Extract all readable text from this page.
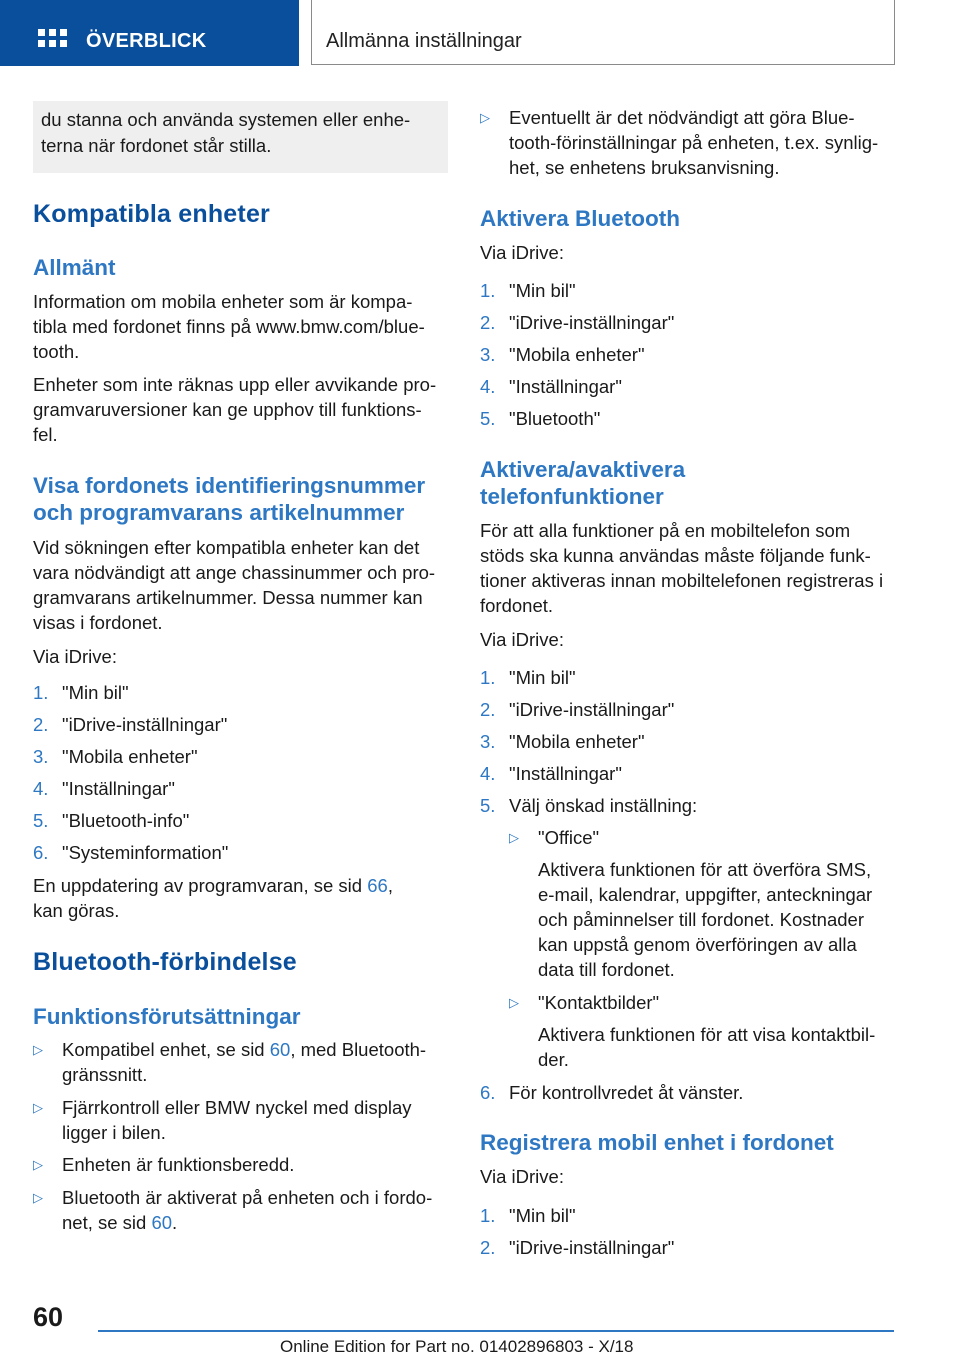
ÖVERBLICK	Allmänna inställningar

du stanna och använda systemen eller enhe- terna när fordonet står stilla.

Kompatibla enheter
Allmänt

Information om mobila enheter som är kompa-

tibla med fordonet finns på www.bmw.com/blue-

tooth.

Enheter som inte räknas upp eller avvikande pro-

gramvaruversioner kan ge upphov till funktions-

fel.

Visa fordonets identifieringsnummer
och programvarans artikelnummer

Vid sökningen efter kompatibla enheter kan det

vara nödvändigt att ange chassinummer och pro-

gramvarans artikelnummer. Dessa nummer kan

visas i fordonet.

Via iDrive:

1. "Min bil"
2. "iDrive-inställningar"
3. "Mobila enheter"
4. "Inställningar"
5. "Bluetooth-info"
6. "Systeminformation"

En uppdatering av programvaran, se sid 66,

kan göras.

Bluetooth-förbindelse
Funktionsförutsättningar
▷ Kompatibel enhet, se sid 60, med Bluetooth-
gränssnitt.
▷ Fjärrkontroll eller BMW nyckel med display
ligger i bilen.
▷ Enheten är funktionsberedd.
▷ Bluetooth är aktiverat på enheten och i fordo-
net, se sid 60.
▷ Eventuellt är det nödvändigt att göra Blue-
tooth-förinställningar på enheten, t.ex. synlig-
het, se enhetens bruksanvisning.
Aktivera Bluetooth

Via iDrive:

1. "Min bil"
2. "iDrive-inställningar"
3. "Mobila enheter"
4. "Inställningar"
5. "Bluetooth"
Aktivera/avaktivera
telefonfunktioner

För att alla funktioner på en mobiltelefon som

stöds ska kunna användas måste följande funk-

tioner aktiveras innan mobiltelefonen registreras i

fordonet.

Via iDrive:

1. "Min bil"
2. "iDrive-inställningar"
3. "Mobila enheter"
4. "Inställningar"
5. Välj önskad inställning:
▷ "Office"

Aktivera funktionen för att överföra SMS,

e-mail, kalendrar, uppgifter, anteckningar

och påminnelser till fordonet. Kostnader

kan uppstå genom överföringen av alla

data till fordonet.

▷ "Kontaktbilder"

Aktivera funktionen för att visa kontaktbil-

der.

6. För kontrollvredet åt vänster.
Registrera mobil enhet i fordonet

Via iDrive:

1. "Min bil"
2. "iDrive-inställningar"
60
Online Edition for Part no. 01402896803 - X/18
